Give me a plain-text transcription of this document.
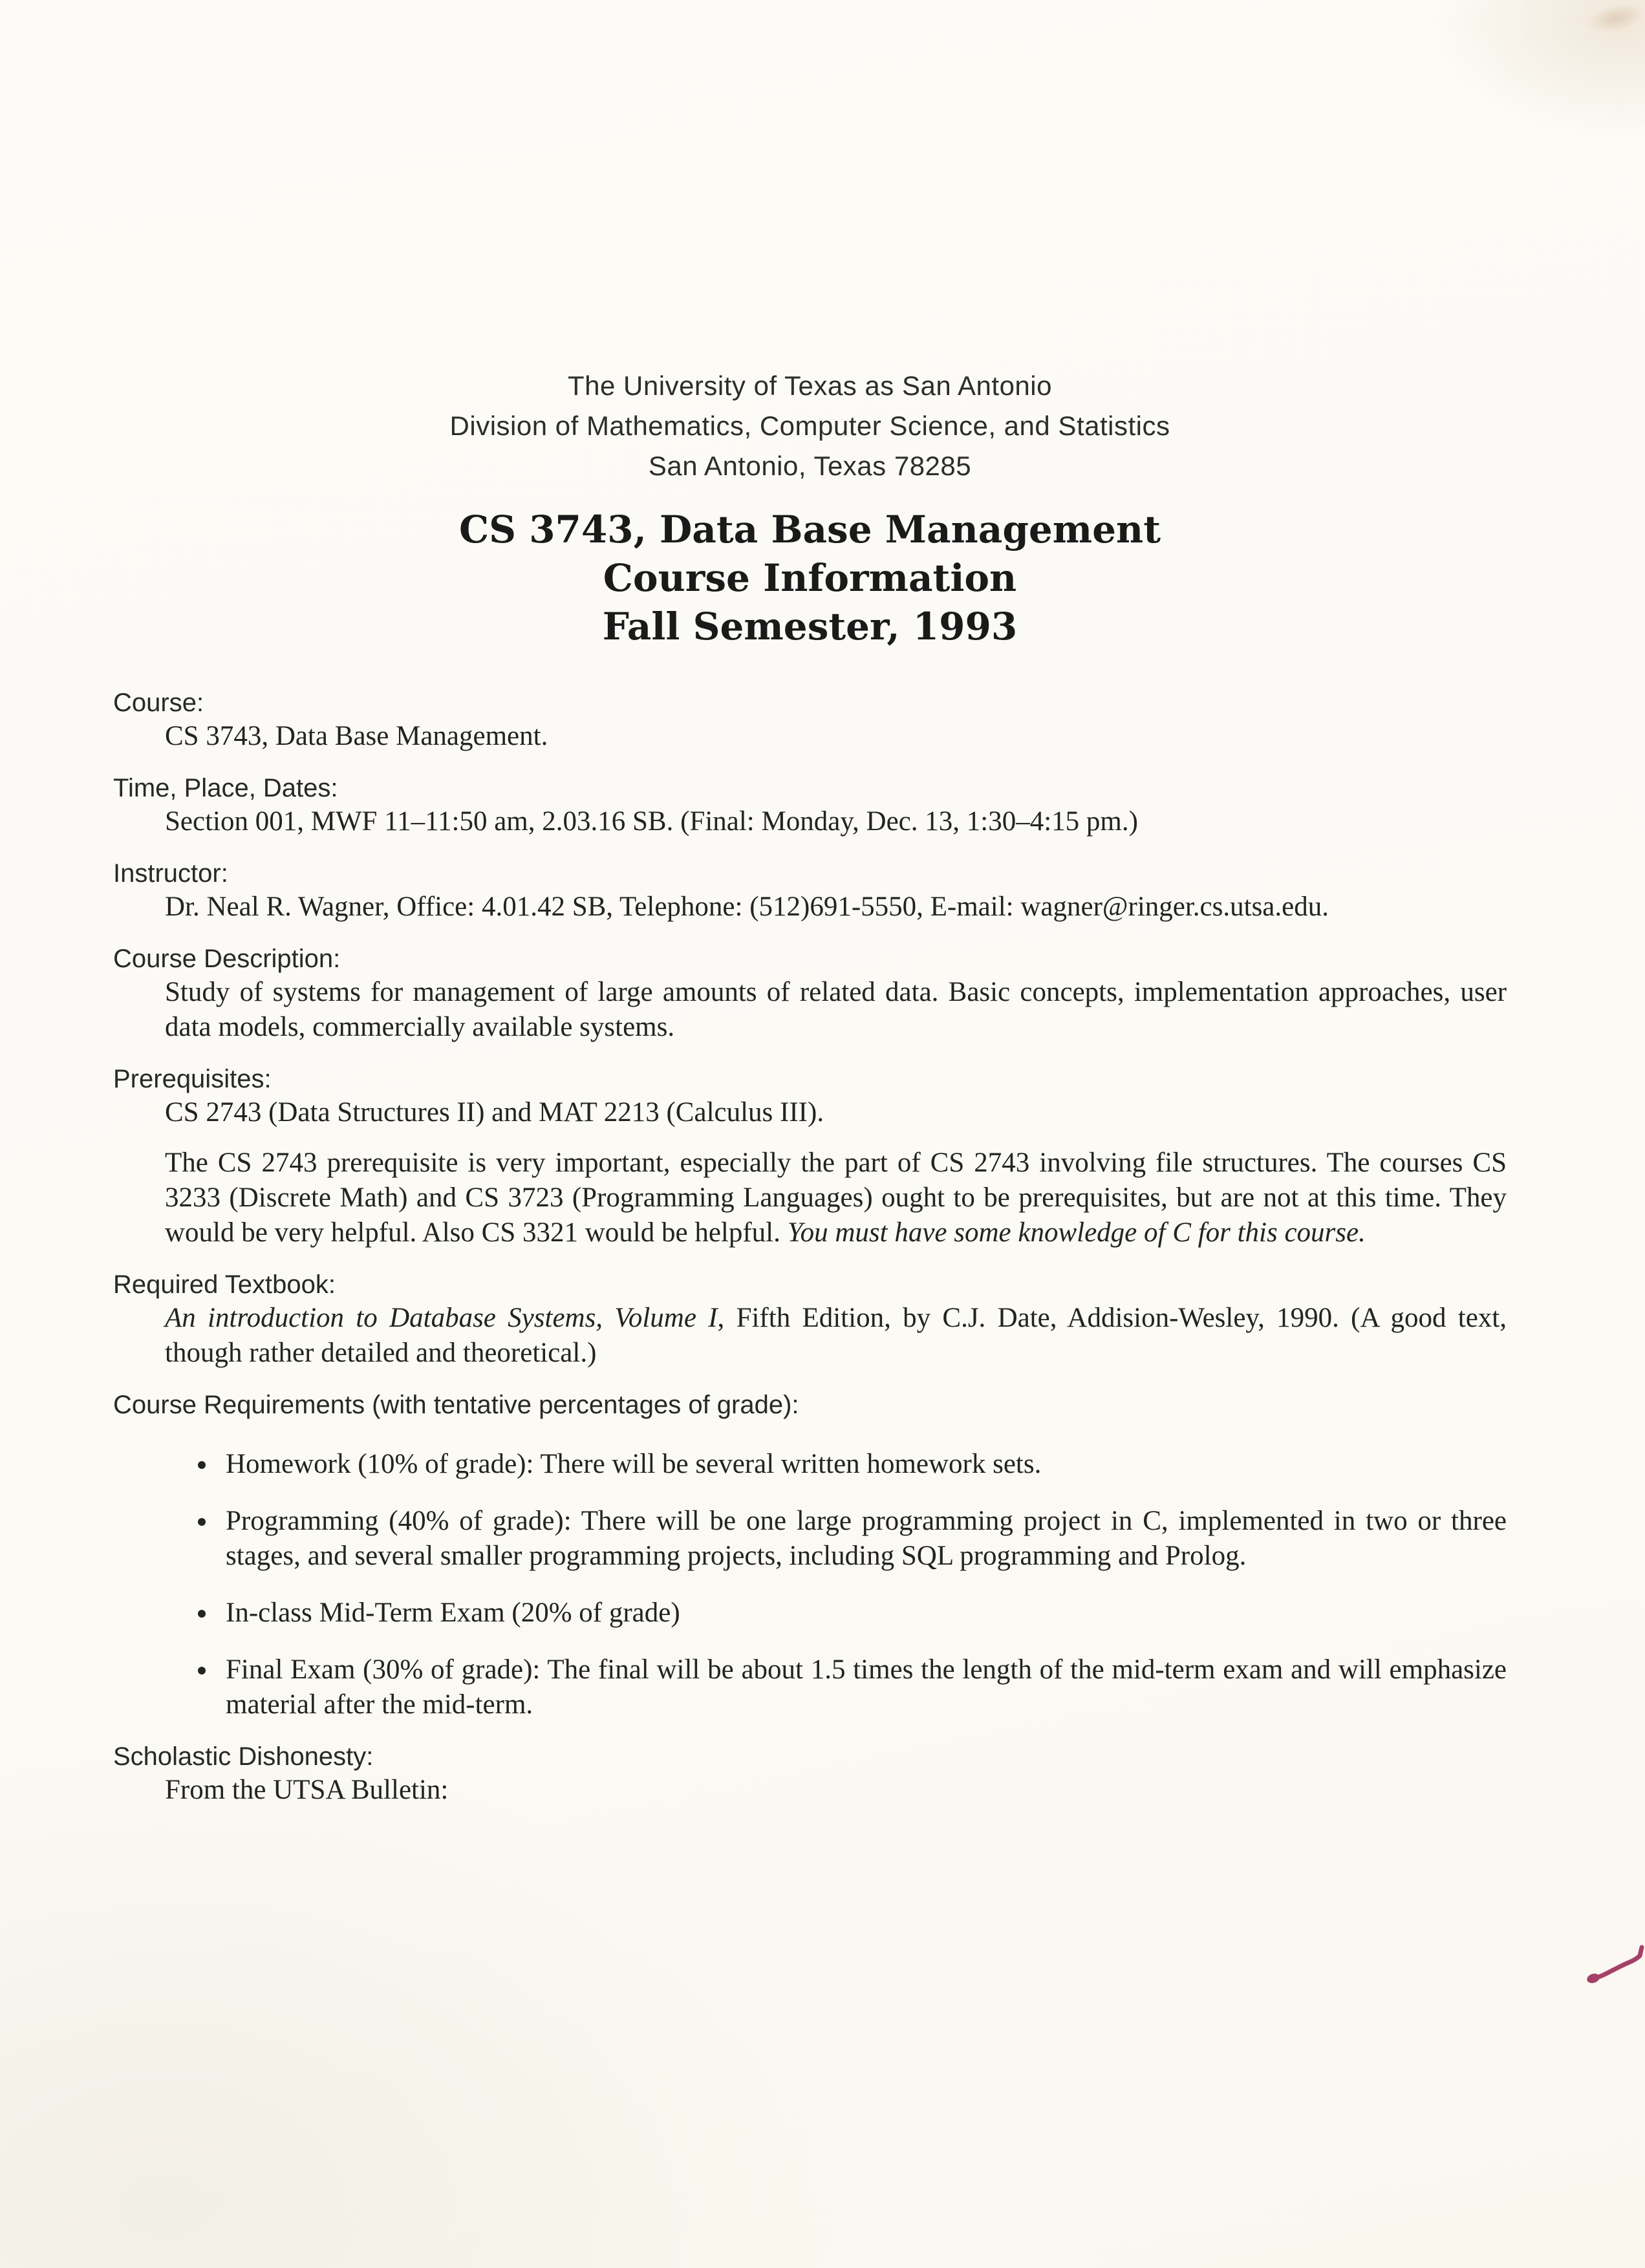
The University of Texas as San Antonio

Division of Mathematics, Computer Science, and Statistics

San Antonio, Texas 78285

CS 3743, Data Base Management
Course Information
Fall Semester, 1993
Course:

CS 3743, Data Base Management.

Time, Place, Dates:

Section 001, MWF 11–11:50 am, 2.03.16 SB. (Final: Monday, Dec. 13, 1:30–4:15 pm.)

Instructor:

Dr. Neal R. Wagner, Office: 4.01.42 SB, Telephone: (512)691-5550, E-mail: wagner@ringer.cs.utsa.edu.

Course Description:

Study of systems for management of large amounts of related data. Basic concepts, implementation approaches, user data models, commercially available systems.

Prerequisites:

CS 2743 (Data Structures II) and MAT 2213 (Calculus III).

The CS 2743 prerequisite is very important, especially the part of CS 2743 involving file structures. The courses CS 3233 (Discrete Math) and CS 3723 (Programming Languages) ought to be prerequisites, but are not at this time. They would be very helpful. Also CS 3321 would be helpful. You must have some knowledge of C for this course.

Required Textbook:

An introduction to Database Systems, Volume I, Fifth Edition, by C.J. Date, Addision-Wesley, 1990. (A good text, though rather detailed and theoretical.)

Course Requirements (with tentative percentages of grade):
• Homework (10% of grade): There will be several written homework sets.
• Programming (40% of grade): There will be one large programming project in C, implemented in two or three stages, and several smaller programming projects, including SQL programming and Prolog.
• In-class Mid-Term Exam (20% of grade)
• Final Exam (30% of grade): The final will be about 1.5 times the length of the mid-term exam and will emphasize material after the mid-term.
Scholastic Dishonesty:

From the UTSA Bulletin:
